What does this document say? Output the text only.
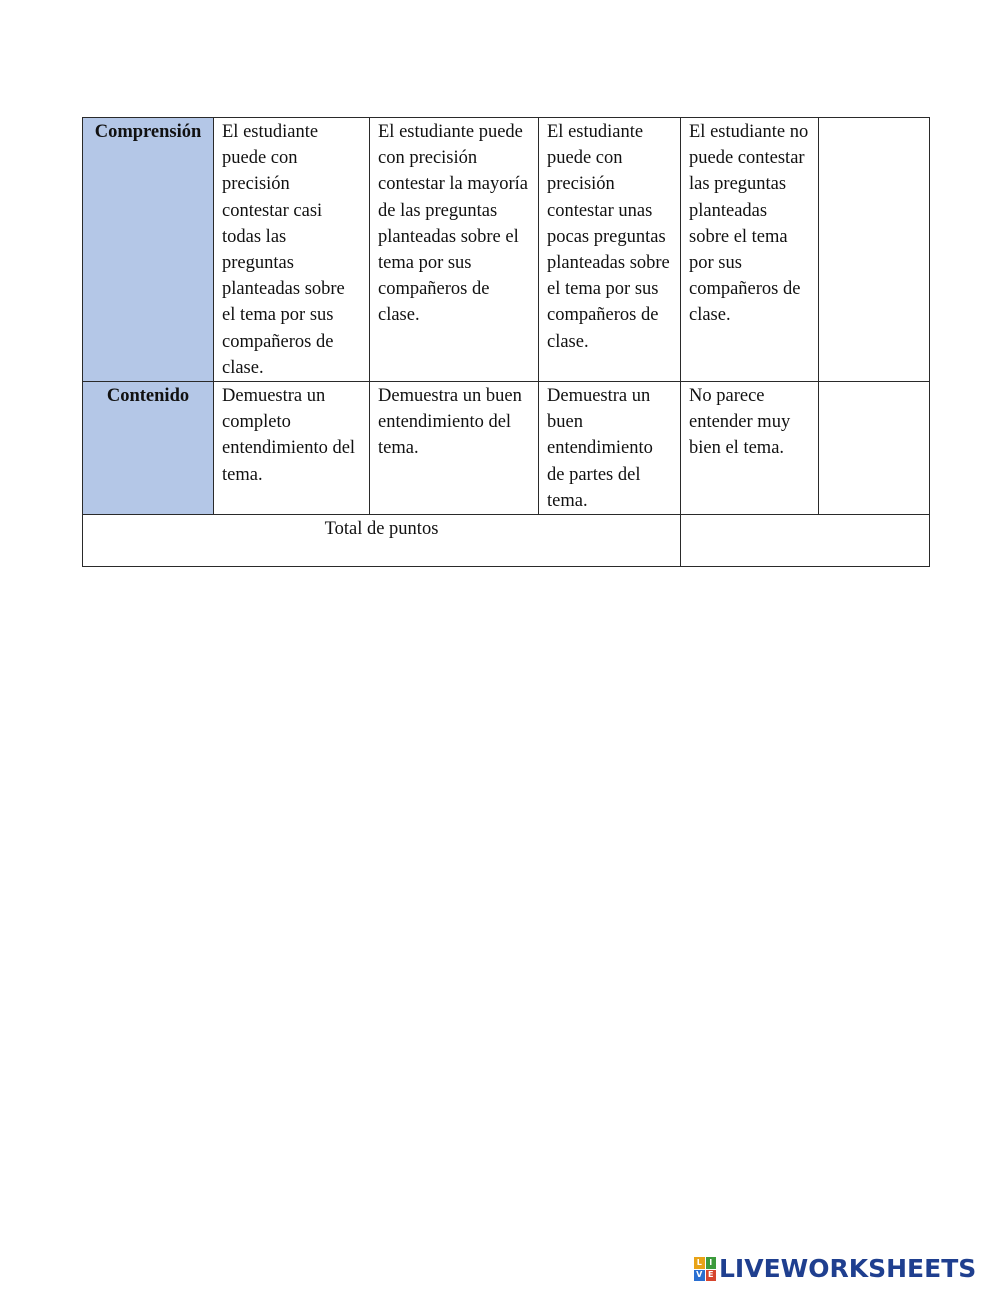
Comprensión	El estudiante puede con precisión contestar casi todas las preguntas planteadas sobre el tema por sus compañeros de clase.	El estudiante puede con precisión contestar la mayoría de las preguntas planteadas sobre el tema por sus compañeros de clase.	El estudiante puede con precisión contestar unas pocas preguntas planteadas sobre el tema por sus compañeros de clase.	El estudiante no puede contestar las preguntas planteadas sobre el tema por sus compañeros de clase.	
Contenido	Demuestra un completo entendimiento del tema.	Demuestra un buen entendimiento del tema.	Demuestra un buen entendimiento de partes del tema.	No parece entender muy bien el tema.	
Total de puntos					
L I
V E LIVEWORKSHEETS
